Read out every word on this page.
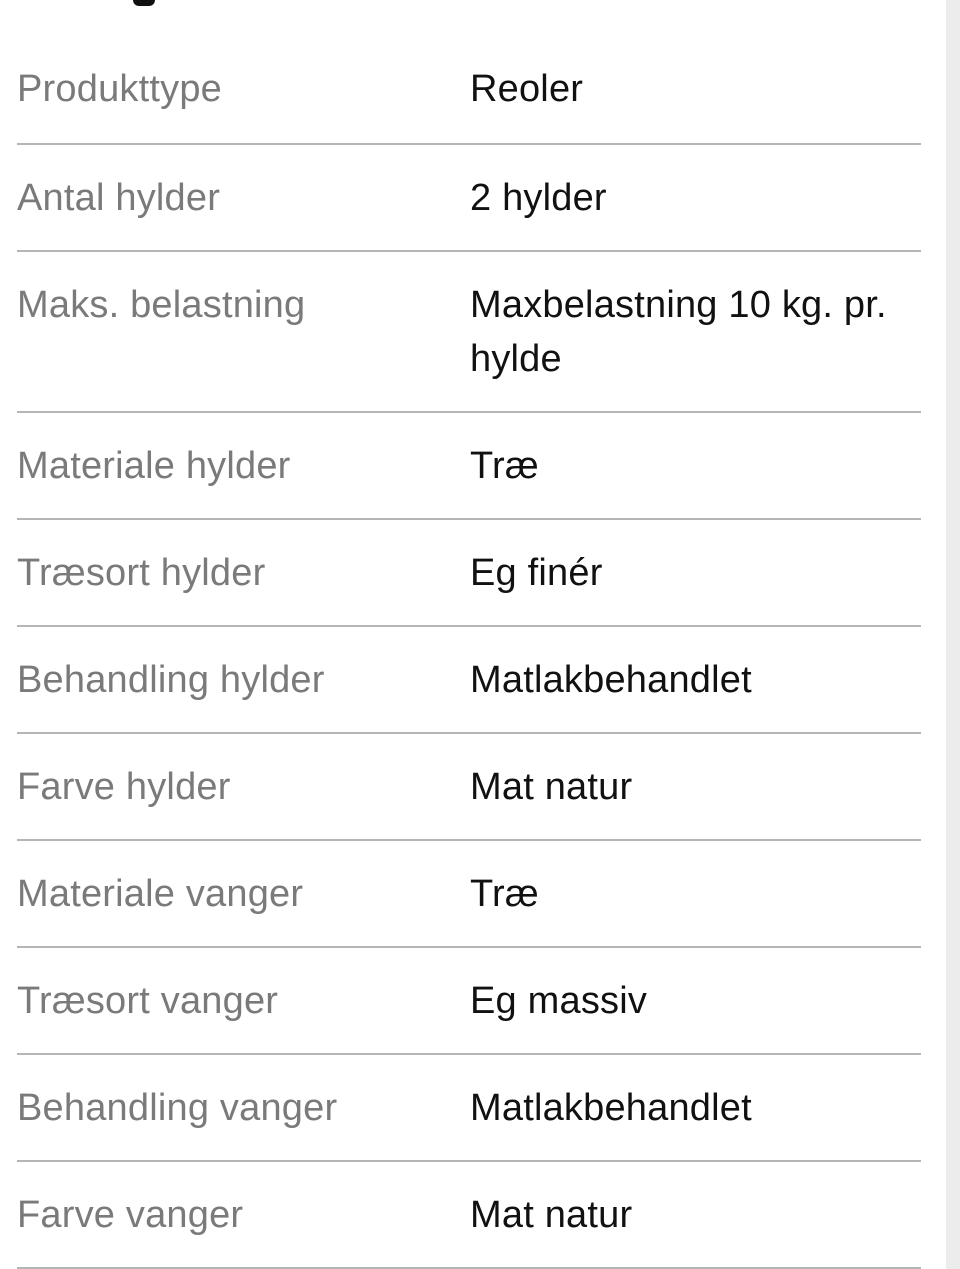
Produkttype	Reoler
Antal hylder	2 hylder
Maks. belastning	Maxbelastning 10 kg. pr. hylde
Materiale hylder	Træ
Træsort hylder	Eg finér
Behandling hylder	Matlakbehandlet
Farve hylder	Mat natur
Materiale vanger	Træ
Træsort vanger	Eg massiv
Behandling vanger	Matlakbehandlet
Farve vanger	Mat natur
